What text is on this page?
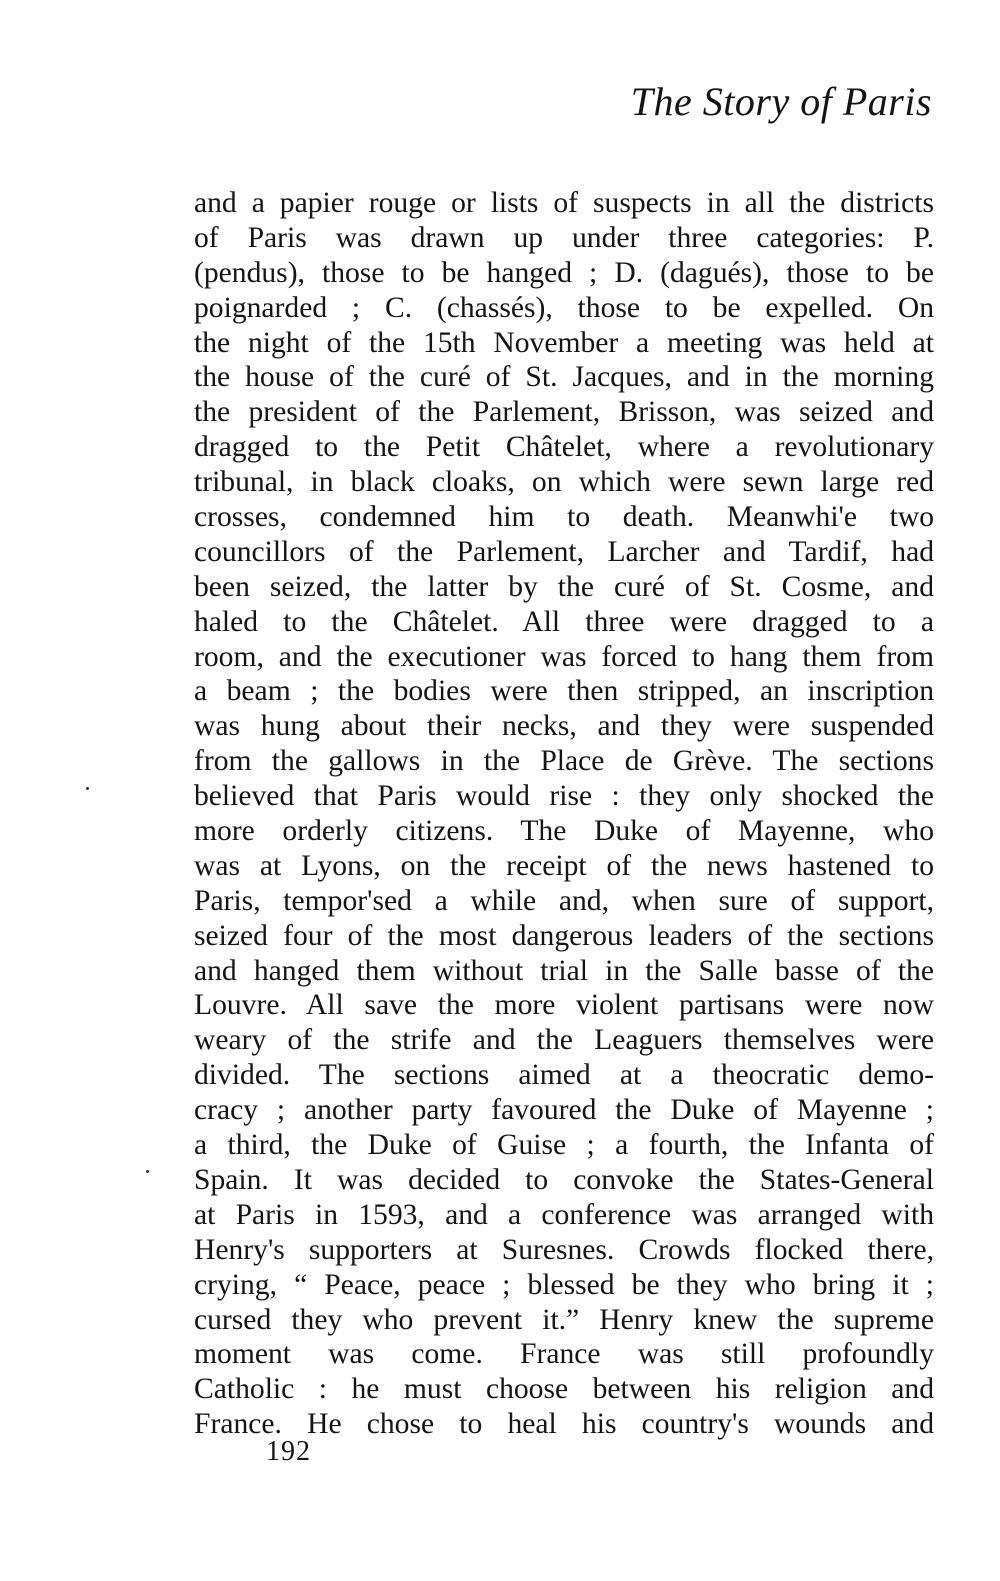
The Story of Paris
and a papier rouge or lists of suspects in all the districts
of Paris was drawn up under three categories: P.
(pendus), those to be hanged ; D. (dagués), those to be
poignarded ; C. (chassés), those to be expelled. On
the night of the 15th November a meeting was held at
the house of the curé of St. Jacques, and in the morning
the president of the Parlement, Brisson, was seized and
dragged to the Petit Châtelet, where a revolutionary
tribunal, in black cloaks, on which were sewn large red
crosses, condemned him to death. Meanwhi'e two
councillors of the Parlement, Larcher and Tardif, had
been seized, the latter by the curé of St. Cosme, and
haled to the Châtelet. All three were dragged to a
room, and the executioner was forced to hang them from
a beam ; the bodies were then stripped, an inscription
was hung about their necks, and they were suspended
from the gallows in the Place de Grève. The sections
believed that Paris would rise : they only shocked the
more orderly citizens. The Duke of Mayenne, who
was at Lyons, on the receipt of the news hastened to
Paris, tempor'sed a while and, when sure of support,
seized four of the most dangerous leaders of the sections
and hanged them without trial in the Salle basse of the
Louvre. All save the more violent partisans were now
weary of the strife and the Leaguers themselves were
divided. The sections aimed at a theocratic demo-
cracy ; another party favoured the Duke of Mayenne ;
a third, the Duke of Guise ; a fourth, the Infanta of
Spain. It was decided to convoke the States-General
at Paris in 1593, and a conference was arranged with
Henry's supporters at Suresnes. Crowds flocked there,
crying, “ Peace, peace ; blessed be they who bring it ;
cursed they who prevent it.” Henry knew the supreme
moment was come. France was still profoundly
Catholic : he must choose between his religion and
France. He chose to heal his country's wounds and
192
